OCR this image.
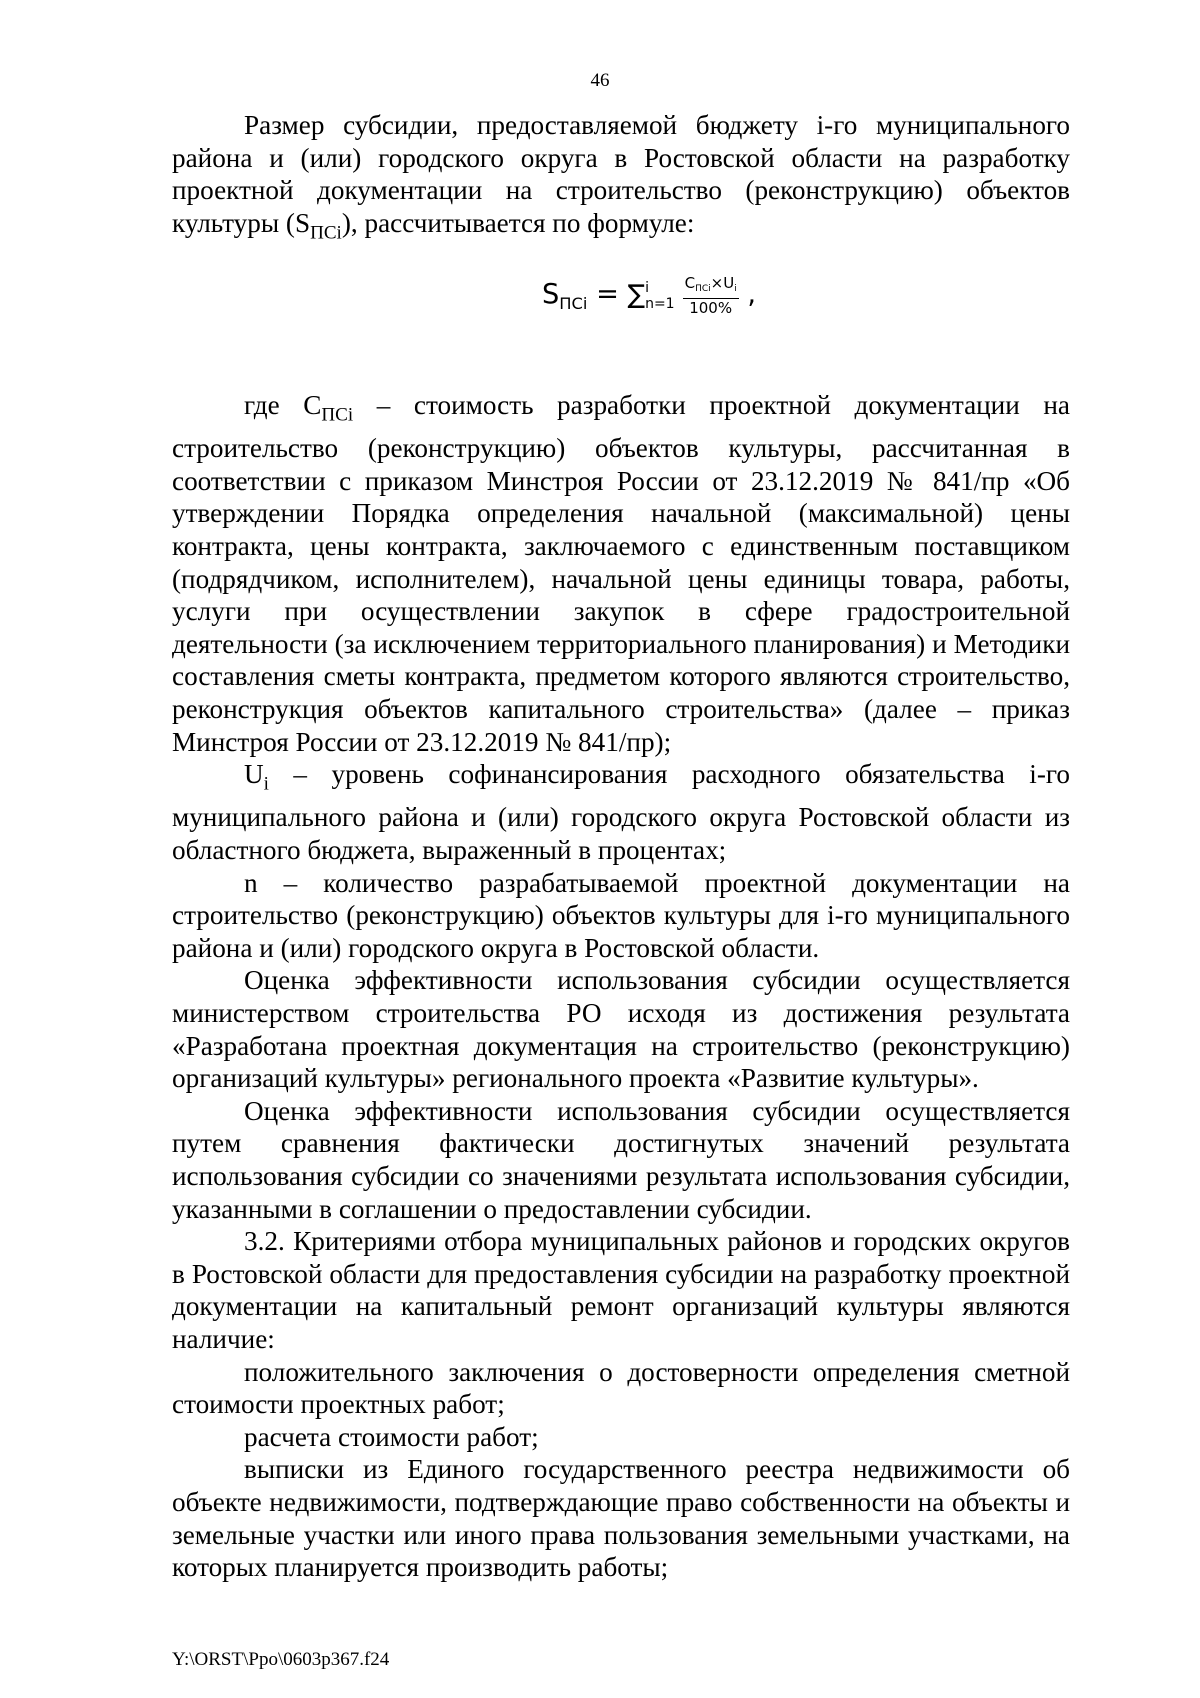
46

Размер субсидии, предоставляемой бюджету i-го муниципального района и (или) городского округа в Ростовской области на разработку проектной документации на строительство (реконструкцию) объектов культуры $(S_{ПСi})$, рассчитывается по формуле:

$S_{ПСi}$ = ∑ i
$n=1 \frac{С_{ПСi}\times U_i}{100\%}$ ,

где $С_{ПСi}$ – стоимость разработки проектной документации на строительство (реконструкцию) объектов культуры, рассчитанная в соответствии с приказом Минстроя России от 23.12.2019 № 841/пр «Об утверждении Порядка определения начальной (максимальной) цены контракта, цены контракта, заключаемого с единственным поставщиком (подрядчиком, исполнителем), начальной цены единицы товара, работы, услуги при осуществлении закупок в сфере градостроительной деятельности (за исключением территориального планирования) и Методики составления сметы контракта, предметом которого являются строительство, реконструкция объектов капитального строительства» (далее – приказ Минстроя России от 23.12.2019 № 841/пр);

$U_i$ – уровень софинансирования расходного обязательства i-го муниципального района и (или) городского округа Ростовской области из областного бюджета, выраженный в процентах;

n – количество разрабатываемой проектной документации на строительство (реконструкцию) объектов культуры для i-го муниципального района и (или) городского округа в Ростовской области.

Оценка эффективности использования субсидии осуществляется министерством строительства РО исходя из достижения результата «Разработана проектная документация на строительство (реконструкцию) организаций культуры» регионального проекта «Развитие культуры».

Оценка эффективности использования субсидии осуществляется путем сравнения фактически достигнутых значений результата использования субсидии со значениями результата использования субсидии, указанными в соглашении о предоставлении субсидии.

3.2. Критериями отбора муниципальных районов и городских округов в Ростовской области для предоставления субсидии на разработку проектной документации на капитальный ремонт организаций культуры являются наличие:

положительного заключения о достоверности определения сметной стоимости проектных работ;

расчета стоимости работ;

выписки из Единого государственного реестра недвижимости об объекте недвижимости, подтверждающие право собственности на объекты и земельные участки или иного права пользования земельными участками, на которых планируется производить работы;

Y:\ORST\Ppo\0603p367.f24
